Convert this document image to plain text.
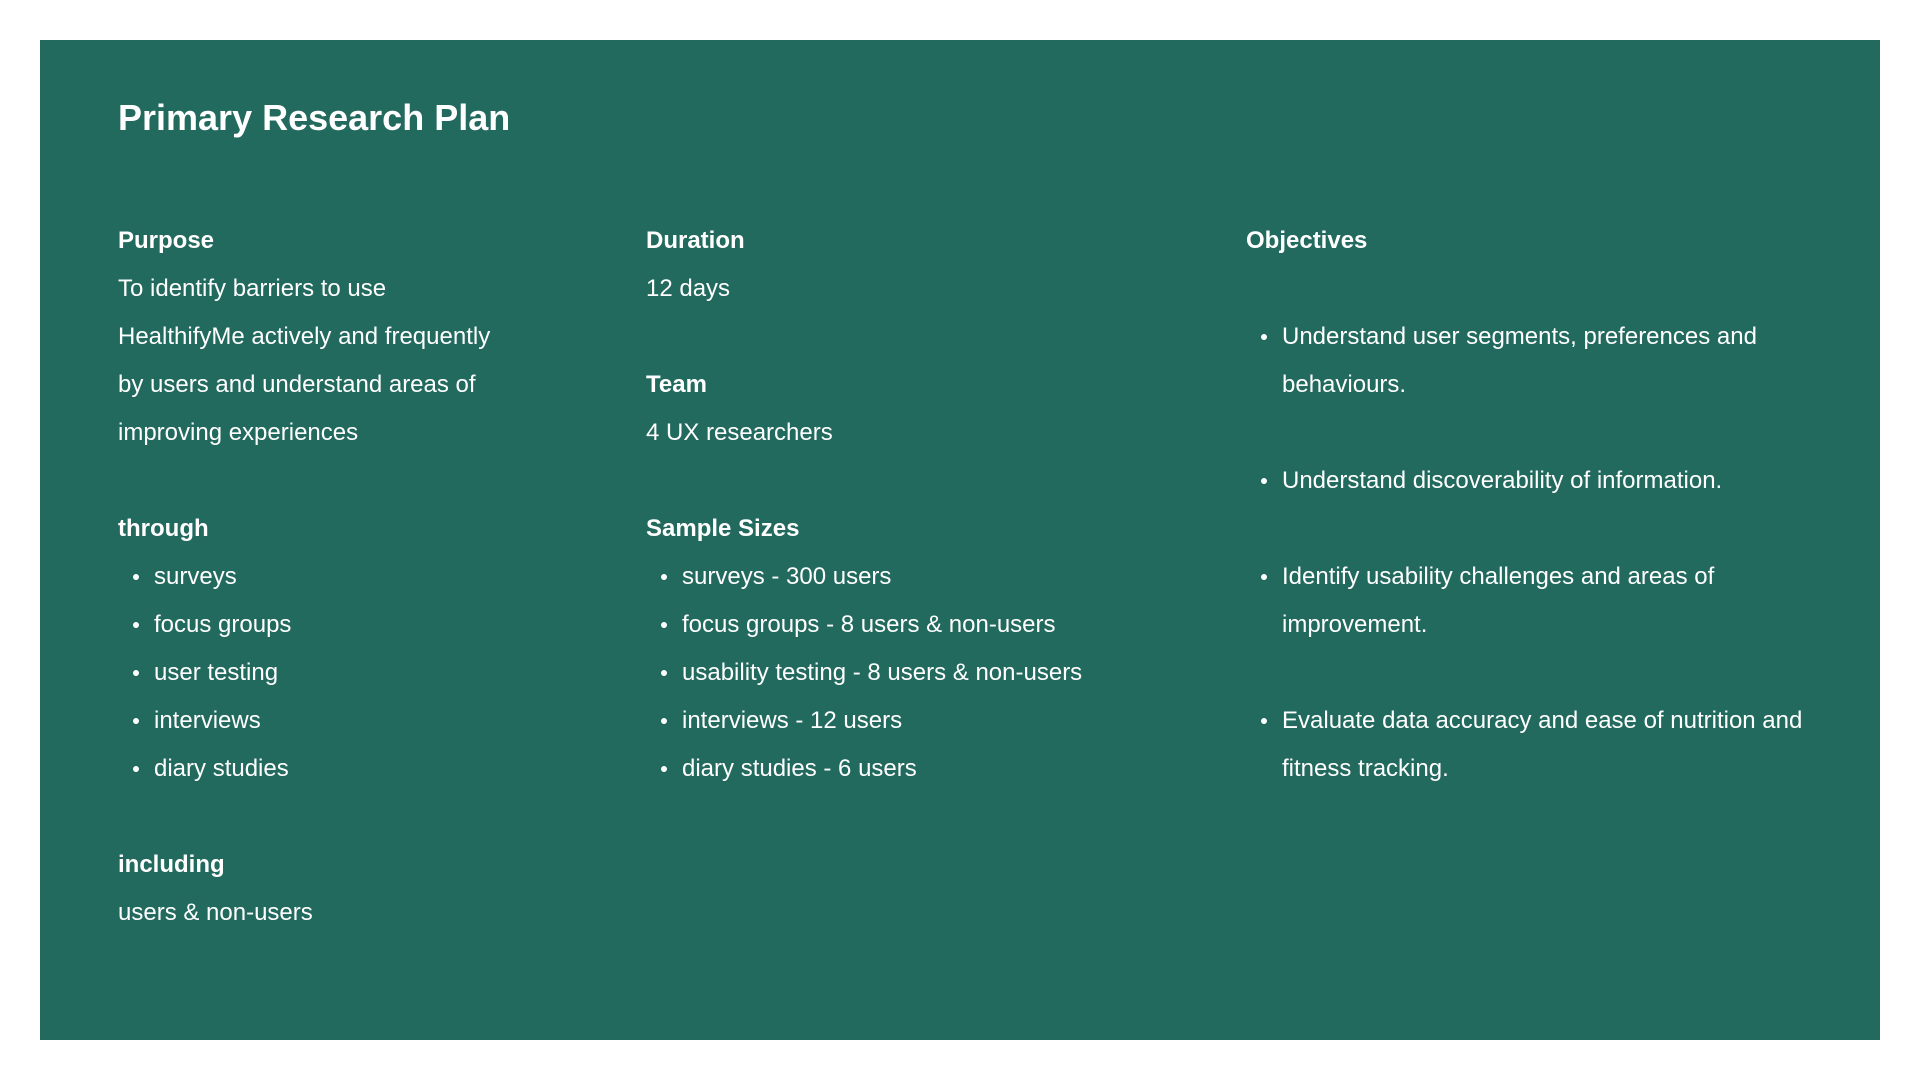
Primary Research Plan

Purpose

To identify barriers to use

HealthifyMe actively and frequently

by users and understand areas of

improving experiences

through

surveys
focus groups
user testing
interviews
diary studies

including

users & non-users

Duration

12 days

Team

4 UX researchers

Sample Sizes

surveys - 300 users
focus groups - 8 users & non-users
usability testing - 8 users & non-users
interviews - 12 users
diary studies - 6 users

Objectives

Understand user segments, preferences and behaviours.
Understand discoverability of information.
Identify usability challenges and areas of improvement.
Evaluate data accuracy and ease of nutrition and fitness tracking.
